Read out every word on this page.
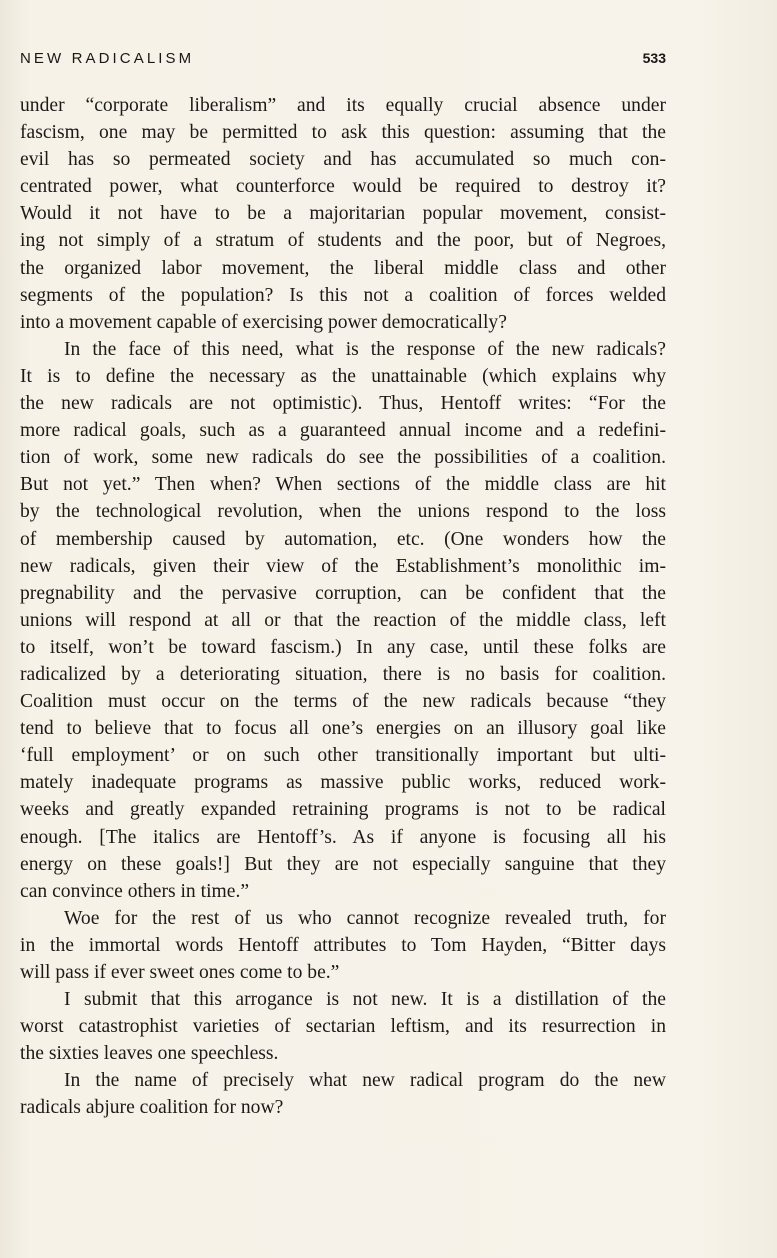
NEW RADICALISM	533

under “corporate liberalism” and its equally crucial absence under
fascism, one may be permitted to ask this question: assuming that the
evil has so permeated society and has accumulated so much con-
centrated power, what counterforce would be required to destroy it?
Would it not have to be a majoritarian popular movement, consist-
ing not simply of a stratum of students and the poor, but of Negroes,
the organized labor movement, the liberal middle class and other
segments of the population? Is this not a coalition of forces welded
into a movement capable of exercising power democratically?

In the face of this need, what is the response of the new radicals?
It is to define the necessary as the unattainable (which explains why
the new radicals are not optimistic). Thus, Hentoff writes: “For the
more radical goals, such as a guaranteed annual income and a redefini-
tion of work, some new radicals do see the possibilities of a coalition.
But not yet.” Then when? When sections of the middle class are hit
by the technological revolution, when the unions respond to the loss
of membership caused by automation, etc. (One wonders how the
new radicals, given their view of the Establishment’s monolithic im-
pregnability and the pervasive corruption, can be confident that the
unions will respond at all or that the reaction of the middle class, left
to itself, won’t be toward fascism.) In any case, until these folks are
radicalized by a deteriorating situation, there is no basis for coalition.
Coalition must occur on the terms of the new radicals because “they
tend to believe that to focus all one’s energies on an illusory goal like
‘full employment’ or on such other transitionally important but ulti-
mately inadequate programs as massive public works, reduced work-
weeks and greatly expanded retraining programs is not to be radical
enough. [The italics are Hentoff’s. As if anyone is focusing all his
energy on these goals!] But they are not especially sanguine that they
can convince others in time.”

Woe for the rest of us who cannot recognize revealed truth, for
in the immortal words Hentoff attributes to Tom Hayden, “Bitter days
will pass if ever sweet ones come to be.”

I submit that this arrogance is not new. It is a distillation of the
worst catastrophist varieties of sectarian leftism, and its resurrection in
the sixties leaves one speechless.

In the name of precisely what new radical program do the new
radicals abjure coalition for now?
